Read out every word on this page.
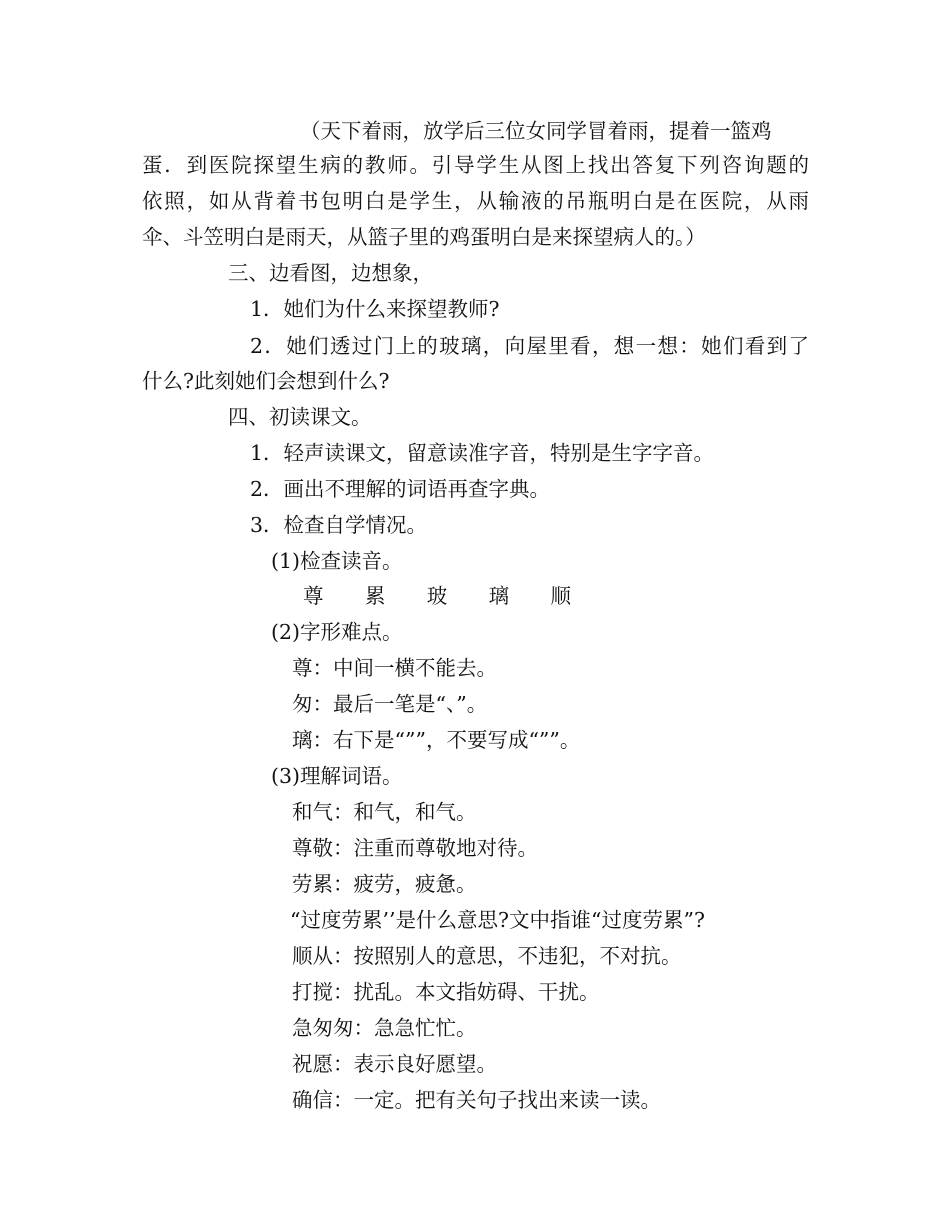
（天下着雨，放学后三位女同学冒着雨，提着一篮鸡
蛋．到医院探望生病的教师。引导学生从图上找出答复下列咨询题的
依照，如从背着书包明白是学生，从输液的吊瓶明白是在医院，从雨
伞、斗笠明白是雨天，从篮子里的鸡蛋明白是来探望病人的。）
三、边看图，边想象，
1．她们为什么来探望教师?
2．她们透过门上的玻璃，向屋里看，想一想：她们看到了
什么?此刻她们会想到什么?
四、初读课文。
1．轻声读课文，留意读准字音，特别是生字字音。
2．画出不理解的词语再查字典。
3．检查自学情况。
(1)检查读音。
尊 累 玻 璃 顺
(2)字形难点。
尊：中间一横不能去。
匆：最后一笔是“、”。
璃：右下是“””，不要写成“””。
(3)理解词语。
和气：和气，和气。
尊敬：注重而尊敬地对待。
劳累：疲劳，疲惫。
“过度劳累’’是什么意思?文中指谁“过度劳累”?
顺从：按照别人的意思，不违犯，不对抗。
打搅：扰乱。本文指妨碍、干扰。
急匆匆：急急忙忙。
祝愿：表示良好愿望。
确信：一定。把有关句子找出来读一读。
